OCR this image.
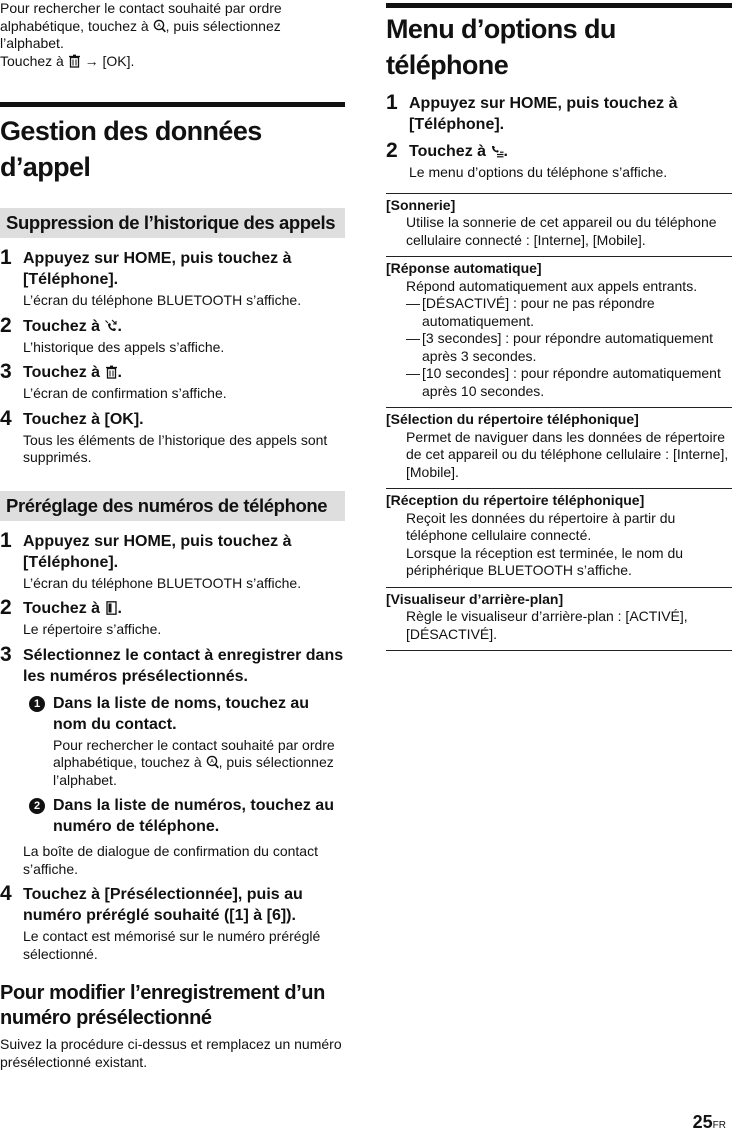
Pour rechercher le contact souhaité par ordre alphabétique, touchez à A , puis sélectionnez l’alphabet.
Touchez à → [OK].
Gestion des données d’appel
Suppression de l’historique des appels
1 Appuyez sur HOME, puis touchez à [Téléphone].
L’écran du téléphone BLUETOOTH s’affiche.
2 Touchez à .
L’historique des appels s’affiche.
3 Touchez à .
L’écran de confirmation s’affiche.
4 Touchez à [OK].
Tous les éléments de l’historique des appels sont supprimés.
Préréglage des numéros de téléphone
1 Appuyez sur HOME, puis touchez à [Téléphone].
L’écran du téléphone BLUETOOTH s’affiche.
2 Touchez à .
Le répertoire s’affiche.
3 Sélectionnez le contact à enregistrer dans les numéros présélectionnés.
1 Dans la liste de noms, touchez au nom du contact.
Pour rechercher le contact souhaité par ordre alphabétique, touchez à A , puis sélectionnez l’alphabet.
2 Dans la liste de numéros, touchez au numéro de téléphone.
La boîte de dialogue de confirmation du contact s’affiche.
4 Touchez à [Présélectionnée], puis au numéro préréglé souhaité ([1] à [6]).
Le contact est mémorisé sur le numéro préréglé sélectionné.
Pour modifier l’enregistrement d’un numéro présélectionné
Suivez la procédure ci-dessus et remplacez un numéro présélectionné existant.
Menu d’options du téléphone
1 Appuyez sur HOME, puis touchez à [Téléphone].
2 Touchez à .
Le menu d’options du téléphone s’affiche.
[Sonnerie]
Utilise la sonnerie de cet appareil ou du téléphone cellulaire connecté : [Interne], [Mobile].
[Réponse automatique]
Répond automatiquement aux appels entrants.
— [DÉSACTIVÉ] : pour ne pas répondre automatiquement.
— [3 secondes] : pour répondre automatiquement après 3 secondes.
— [10 secondes] : pour répondre automatiquement après 10 secondes.
[Sélection du répertoire téléphonique]
Permet de naviguer dans les données de répertoire de cet appareil ou du téléphone cellulaire : [Interne], [Mobile].
[Réception du répertoire téléphonique]
Reçoit les données du répertoire à partir du téléphone cellulaire connecté.
Lorsque la réception est terminée, le nom du périphérique BLUETOOTH s’affiche.
[Visualiseur d’arrière-plan]
Règle le visualiseur d’arrière-plan : [ACTIVÉ], [DÉSACTIVÉ].
25FR
